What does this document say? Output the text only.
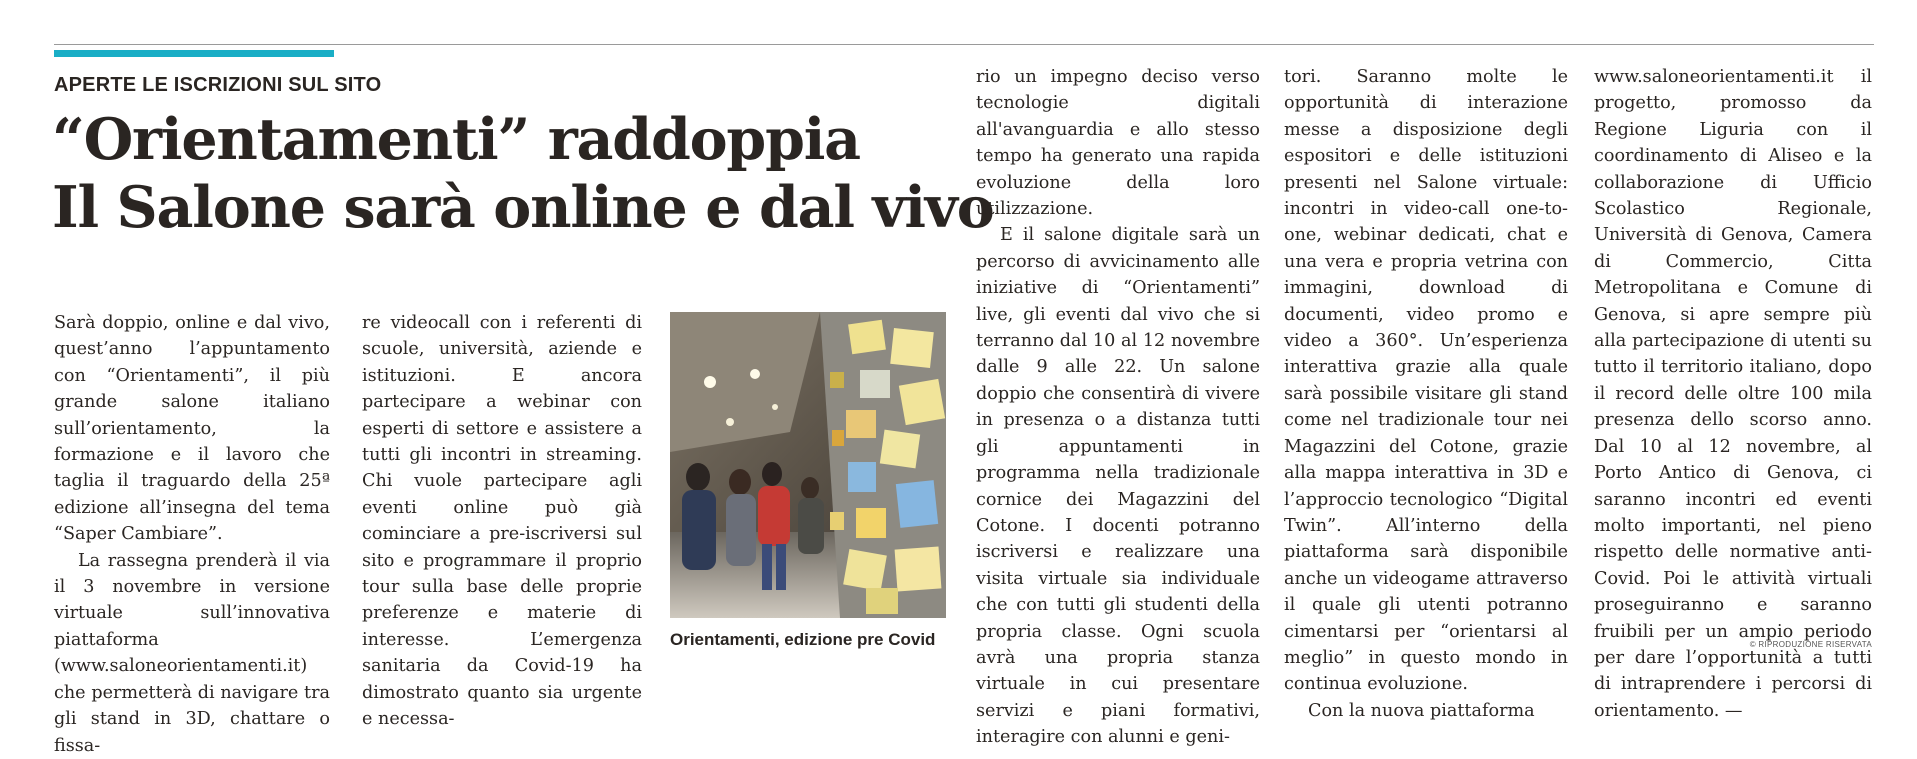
APERTE LE ISCRIZIONI SUL SITO
“Orientamenti” raddoppia
Il Salone sarà online e dal vivo

Sarà doppio, online e dal vivo, quest’anno l’appuntamento con “Orientamenti”, il più grande salone italiano sull’orientamento, la formazione e il lavoro che taglia il traguardo della 25ª edizione all’insegna del tema “Saper Cambiare”.

La rassegna prenderà il via il 3 novembre in versione virtuale sull’innovativa piattaforma (www.saloneorientamenti.it) che permetterà di navigare tra gli stand in 3D, chattare o fissa-

re videocall con i referenti di scuole, università, aziende e istituzioni. E ancora partecipare a webinar con esperti di settore e assistere a tutti gli incontri in streaming. Chi vuole partecipare agli eventi online può già cominciare a pre-iscriversi sul sito e programmare il proprio tour sulla base delle proprie preferenze e materie di interesse. L’emergenza sanitaria da Covid-19 ha dimostrato quanto sia urgente e necessa-

Orientamenti, edizione pre Covid

rio un impegno deciso verso tecnologie digitali all'avanguardia e allo stesso tempo ha generato una rapida evoluzione della loro utilizzazione.

E il salone digitale sarà un percorso di avvicinamento alle iniziative di “Orientamenti” live, gli eventi dal vivo che si terranno dal 10 al 12 novembre dalle 9 alle 22. Un salone doppio che consentirà di vivere in presenza o a distanza tutti gli appuntamenti in programma nella tradizionale cornice dei Magazzini del Cotone. I docenti potranno iscriversi e realizzare una visita virtuale sia individuale che con tutti gli studenti della propria classe. Ogni scuola avrà una propria stanza virtuale in cui presentare servizi e piani formativi, interagire con alunni e geni-

tori. Saranno molte le opportunità di interazione messe a disposizione degli espositori e delle istituzioni presenti nel Salone virtuale: incontri in video-call one-to-one, webinar dedicati, chat e una vera e propria vetrina con immagini, download di documenti, video promo e video a 360°. Un’esperienza interattiva grazie alla quale sarà possibile visitare gli stand come nel tradizionale tour nei Magazzini del Cotone, grazie alla mappa interattiva in 3D e l’approccio tecnologico “Digital Twin”. All’interno della piattaforma sarà disponibile anche un videogame attraverso il quale gli utenti potranno cimentarsi per “orientarsi al meglio” in questo mondo in continua evoluzione.

Con la nuova piattaforma

www.saloneorientamenti.it il progetto, promosso da Regione Liguria con il coordinamento di Aliseo e la collaborazione di Ufficio Scolastico Regionale, Università di Genova, Camera di Commercio, Citta Metropolitana e Comune di Genova, si apre sempre più alla partecipazione di utenti su tutto il territorio italiano, dopo il record delle oltre 100 mila presenza dello scorso anno. Dal 10 al 12 novembre, al Porto Antico di Genova, ci saranno incontri ed eventi molto importanti, nel pieno rispetto delle normative anti-Covid. Poi le attività virtuali proseguiranno e saranno fruibili per un ampio periodo per dare l’opportunità a tutti di intraprendere i percorsi di orientamento. —

© RIPRODUZIONE RISERVATA
